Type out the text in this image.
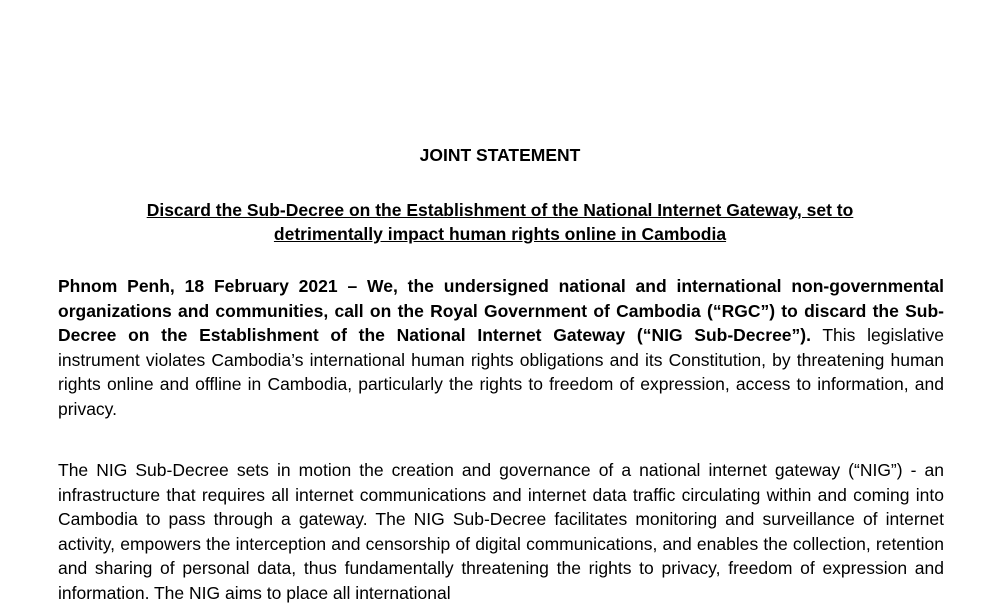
JOINT STATEMENT
Discard the Sub-Decree on the Establishment of the National Internet Gateway, set to detrimentally impact human rights online in Cambodia

Phnom Penh, 18 February 2021 – We, the undersigned national and international non-governmental organizations and communities, call on the Royal Government of Cambodia (“RGC”) to discard the Sub-Decree on the Establishment of the National Internet Gateway (“NIG Sub-Decree”). This legislative instrument violates Cambodia’s international human rights obligations and its Constitution, by threatening human rights online and offline in Cambodia, particularly the rights to freedom of expression, access to information, and privacy.

The NIG Sub-Decree sets in motion the creation and governance of a national internet gateway (“NIG”) - an infrastructure that requires all internet communications and internet data traffic circulating within and coming into Cambodia to pass through a gateway. The NIG Sub-Decree facilitates monitoring and surveillance of internet activity, empowers the interception and censorship of digital communications, and enables the collection, retention and sharing of personal data, thus fundamentally threatening the rights to privacy, freedom of expression and information. The NIG aims to place all international
